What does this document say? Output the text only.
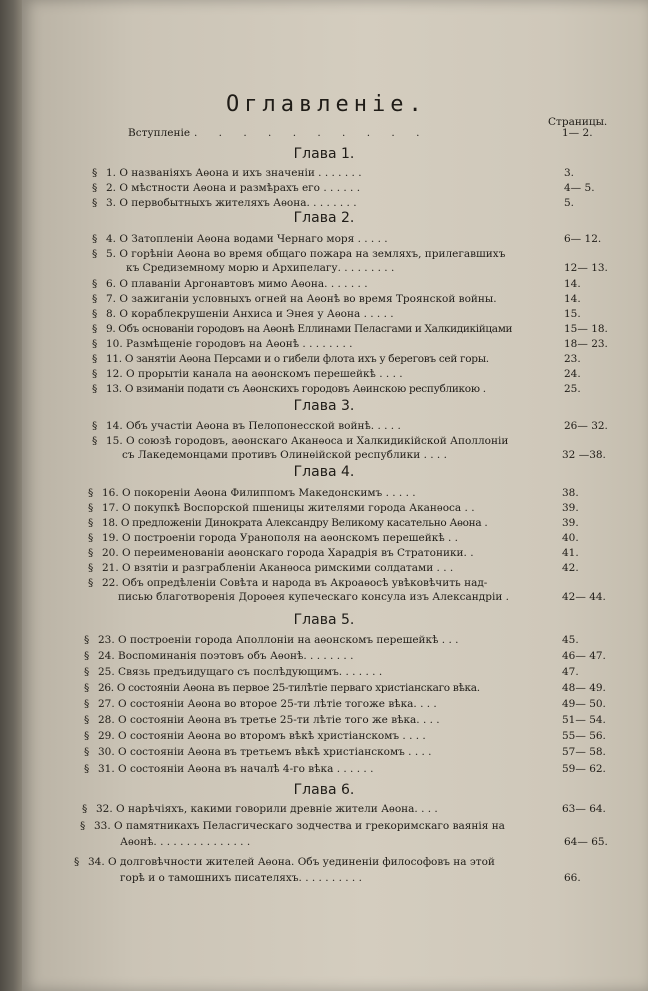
Оглавленiе.
Страницы.
Вступленiе . . . . . . . . . .	1— 2.
Глава 1.
Глава 2.
Глава 3.
Глава 4.
Глава 5.
Глава 6.
§ 1. О названiяхъ Аѳона и ихъ значенiи . . . . . . .	3.
§ 2. О мѣстности Аѳона и размѣрахъ его . . . . . .	4— 5.
§ 3. О первобытныхъ жителяхъ Аѳона. . . . . . . .	5.
§ 4. О Затопленiи Аѳона водами Чернаго моря . . . . .	6— 12.
§ 5. О горѣнiи Аѳона во время общаго пожара на земляхъ, прилегавшихъ
къ Средиземному морю и Архипелагу. . . . . . . . .	12— 13.
§ 6. О плаванiи Аргонавтовъ мимо Аѳона. . . . . . .	14.
§ 7. О зажиганiи условныхъ огней на Аѳонѣ во время Троянской войны.	14.
§ 8. О кораблекрушенiи Анхиса и Энея у Аѳона . . . . .	15.
§ 9. Объ основанiи городовъ на Аѳонѣ Еллинами Пеласгами и Халкидикiйцами	15— 18.
§ 10. Размѣщенiе городовъ на Аѳонѣ . . . . . . . .	18— 23.
§ 11. О занятiи Аѳона Персами и о гибели флота ихъ у береговъ сей горы.	23.
§ 12. О прорытiи канала на аѳонскомъ перешейкѣ . . . .	24.
§ 13. О взиманiи подати съ Аѳонскихъ городовъ Аѳинскою республикою .	25.
§ 14. Объ участiи Аѳона въ Пелопонесской войнѣ. . . . .	26— 32.
§ 15. О союзѣ городовъ, аѳонскаго Аканѳоса и Халкидикiйской Аполлонiи
съ Лакедемонцами противъ Олинѳiйской республики . . . .	32 —38.
§ 16. О покоренiи Аѳона Филиппомъ Македонскимъ . . . . .	38.
§ 17. О покупкѣ Воспорской пшеницы жителями города Аканѳоса . .	39.
§ 18. О предложенiи Динократа Александру Великому касательно Аѳона .	39.
§ 19. О построенiи города Уранополя на аѳонскомъ перешейкѣ . .	40.
§ 20. О переименованiи аѳонскаго города Харадрiя въ Стратоники. .	41.
§ 21. О взятiи и разграбленiи Аканѳоса римскими солдатами . . .	42.
§ 22. Объ опредѣленiи Совѣта и народа въ Акроаѳосѣ увѣковѣчить над-
писью благотворенiя Дороѳея купеческаго консула изъ Александрiи .	42— 44.
§ 23. О построенiи города Аполлонiи на аѳонскомъ перешейкѣ . . .	45.
§ 24. Воспоминанiя поэтовъ объ Аѳонѣ. . . . . . . .	46— 47.
§ 25. Связь предъидущаго съ послѣдующимъ. . . . . . .	47.
§ 26. О состоянiи Аѳона въ первое 25-тилѣтiе перваго христiанскаго вѣка.	48— 49.
§ 27. О состоянiи Аѳона во второе 25-ти лѣтiе тогоже вѣка. . . .	49— 50.
§ 28. О состоянiи Аѳона въ третье 25-ти лѣтiе того же вѣка. . . .	51— 54.
§ 29. О состоянiи Аѳона во второмъ вѣкѣ христiанскомъ . . . .	55— 56.
§ 30. О состоянiи Аѳона въ третьемъ вѣкѣ христiанскомъ . . . .	57— 58.
§ 31. О состоянiи Аѳона въ началѣ 4-го вѣка . . . . . .	59— 62.
§ 32. О нарѣчiяхъ, какими говорили древнiе жители Аѳона. . . .	63— 64.
§ 33. О памятникахъ Пеласгическаго зодчества и грекоримскаго ваянiя на
Аѳонѣ. . . . . . . . . . . . . . .	64— 65.
§ 34. О долговѣчности жителей Аѳона. Объ уединенiи философовъ на этой
горѣ и о тамошнихъ писателяхъ. . . . . . . . . .	66.
